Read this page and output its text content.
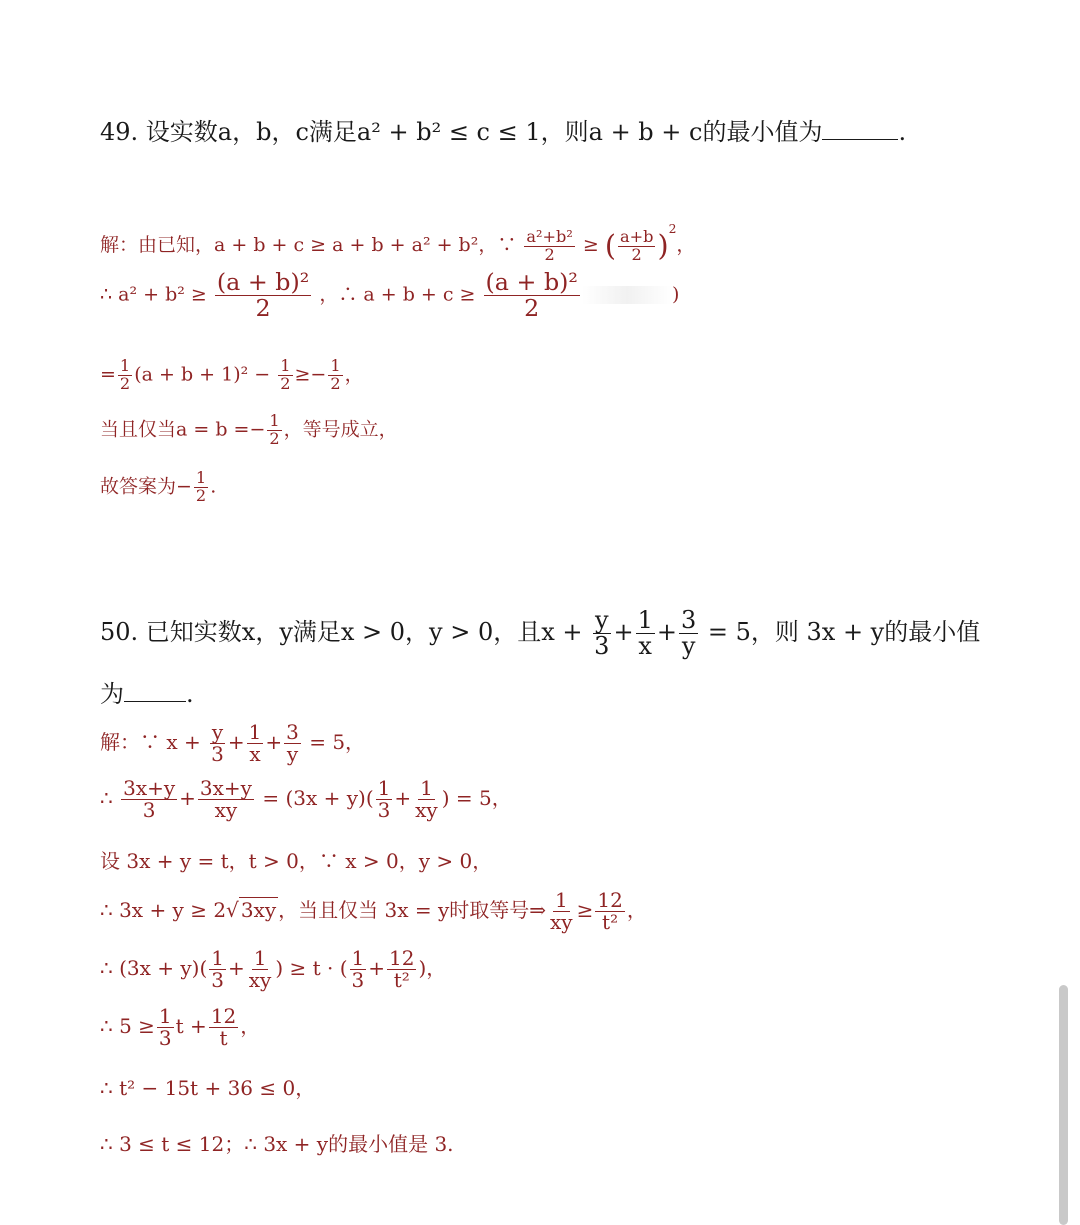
49. 设实数a，b，c满足a² + b² ≤ c ≤ 1，则a + b + c的最小值为	.
解：由已知，a + b + c ≥ a + b + a² + b²，∵ $\frac{\text{a²+b²}}{2}$ ≥ ( $\frac{a+b}{2} )^2$，
∴ $a^2 + b^2 \ge \frac{\text{(a + b)²}}{2}$ ，∴ $a + b + c \ge \frac{\text{(a + b)²}}{2}$	)
= $\frac{1}{2} (a + b + 1)^2 - \frac{1}{2} \ge- \frac{1}{2}$ ，
当且仅当$a = b =- \frac{1}{2}$ ，等号成立，
故答案为− $\frac{1}{2}$ .
50. 已知实数x，y满足x > 0，y > 0，且$x + \frac{y}{3} + \frac{1}{x} + \frac{3}{y} = 5$，则 3x + y的最小值
为	.
解：∵ $x + \frac{y}{3} + \frac{1}{x} + \frac{3}{y} = 5$，
∴ $\frac{3x+y}{3} + \frac{3x+y}{xy} = (3x + y)( \frac{1}{3} + \frac{1}{xy}$ ) = 5，
设 3x + y = t，t > 0，∵ x > 0，y > 0，
∴ 3x + y ≥ 2√ 3xy ，当且仅当 3x = y时取等号⇒ $\frac{1}{xy} \ge \frac{12}{\text{t²}}$ ，
∴ $(3x + y)( \frac{1}{3} + \frac{1}{xy}$ ) ≥ t · ( $\frac{1}{3} + \frac{12}{\text{t²}}$ )，
∴ $5 \ge \frac{1}{3}$ $t + \frac{12}{t}$ ，
∴ t² − 15t + 36 ≤ 0，
∴ 3 ≤ t ≤ 12；∴ 3x + y的最小值是 3.
